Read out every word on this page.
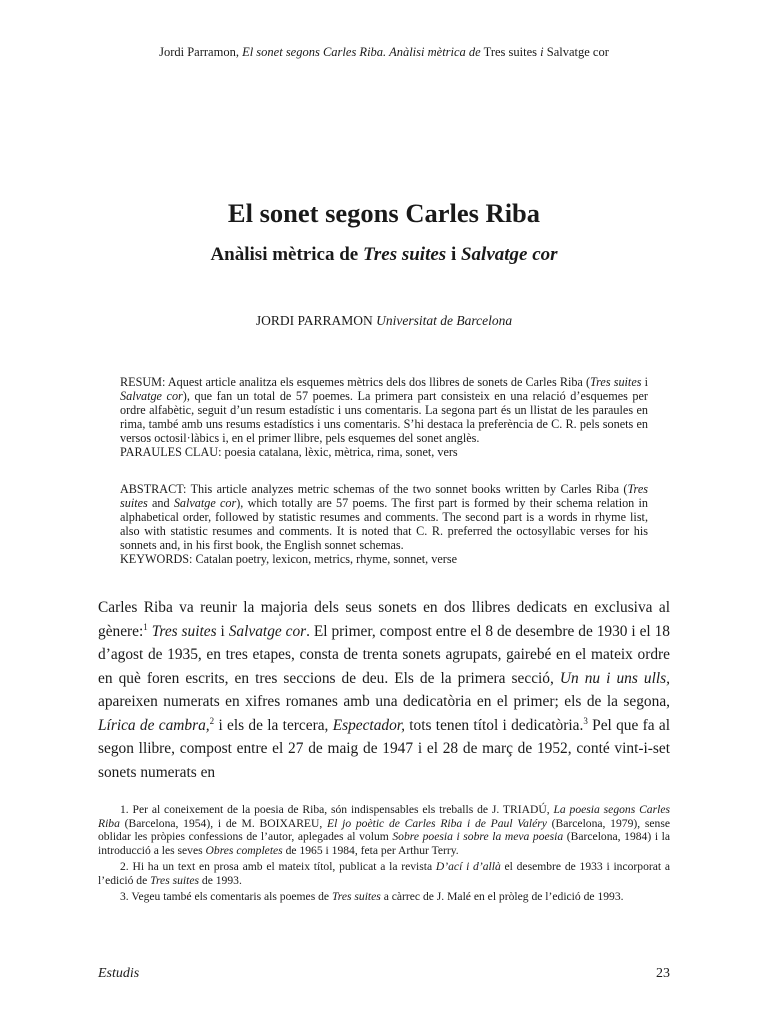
Jordi Parramon, El sonet segons Carles Riba. Anàlisi mètrica de Tres suites i Salvatge cor
El sonet segons Carles Riba
Anàlisi mètrica de Tres suites i Salvatge cor
JORDI PARRAMON Universitat de Barcelona

RESUM: Aquest article analitza els esquemes mètrics dels dos llibres de sonets de Carles Riba (Tres suites i Salvatge cor), que fan un total de 57 poemes. La primera part consisteix en una relació d’esquemes per ordre alfabètic, seguit d’un resum estadístic i uns comentaris. La segona part és un llistat de les paraules en rima, també amb uns resums estadístics i uns comentaris. S’hi destaca la preferència de C. R. pels sonets en versos octosil·làbics i, en el primer llibre, pels esquemes del sonet anglès.

PARAULES CLAU: poesia catalana, lèxic, mètrica, rima, sonet, vers

ABSTRACT: This article analyzes metric schemas of the two sonnet books written by Carles Riba (Tres suites and Salvatge cor), which totally are 57 poems. The first part is formed by their schema relation in alphabetical order, followed by statistic resumes and comments. The second part is a words in rhyme list, also with statistic resumes and comments. It is noted that C. R. preferred the octosyllabic verses for his sonnets and, in his first book, the English sonnet schemas.

KEYWORDS: Catalan poetry, lexicon, metrics, rhyme, sonnet, verse

Carles Riba va reunir la majoria dels seus sonets en dos llibres dedicats en exclusiva al gènere:$^1$ Tres suites i Salvatge cor. El primer, compost entre el 8 de desembre de 1930 i el 18 d’agost de 1935, en tres etapes, consta de trenta sonets agrupats, gairebé en el mateix ordre en què foren escrits, en tres seccions de deu. Els de la primera secció, Un nu i uns ulls, apareixen numerats en xifres romanes amb una dedicatòria en el primer; els de la segona, Lírica de cambra,$^2$ i els de la tercera, Espectador, tots tenen títol i dedicatòria.$^3$ Pel que fa al segon llibre, compost entre el 27 de maig de 1947 i el 28 de març de 1952, conté vint-i-set sonets numerats en

1. Per al coneixement de la poesia de Riba, són indispensables els treballs de J. TRIADÚ, La poesia segons Carles Riba (Barcelona, 1954), i de M. BOIXAREU, El jo poètic de Carles Riba i de Paul Valéry (Barcelona, 1979), sense oblidar les pròpies confessions de l’autor, aplegades al volum Sobre poesia i sobre la meva poesia (Barcelona, 1984) i la introducció a les seves Obres completes de 1965 i 1984, feta per Arthur Terry.

2. Hi ha un text en prosa amb el mateix títol, publicat a la revista D’ací i d’allà el desembre de 1933 i incorporat a l’edició de Tres suites de 1993.

3. Vegeu també els comentaris als poemes de Tres suites a càrrec de J. Malé en el pròleg de l’edició de 1993.

Estudis	23
